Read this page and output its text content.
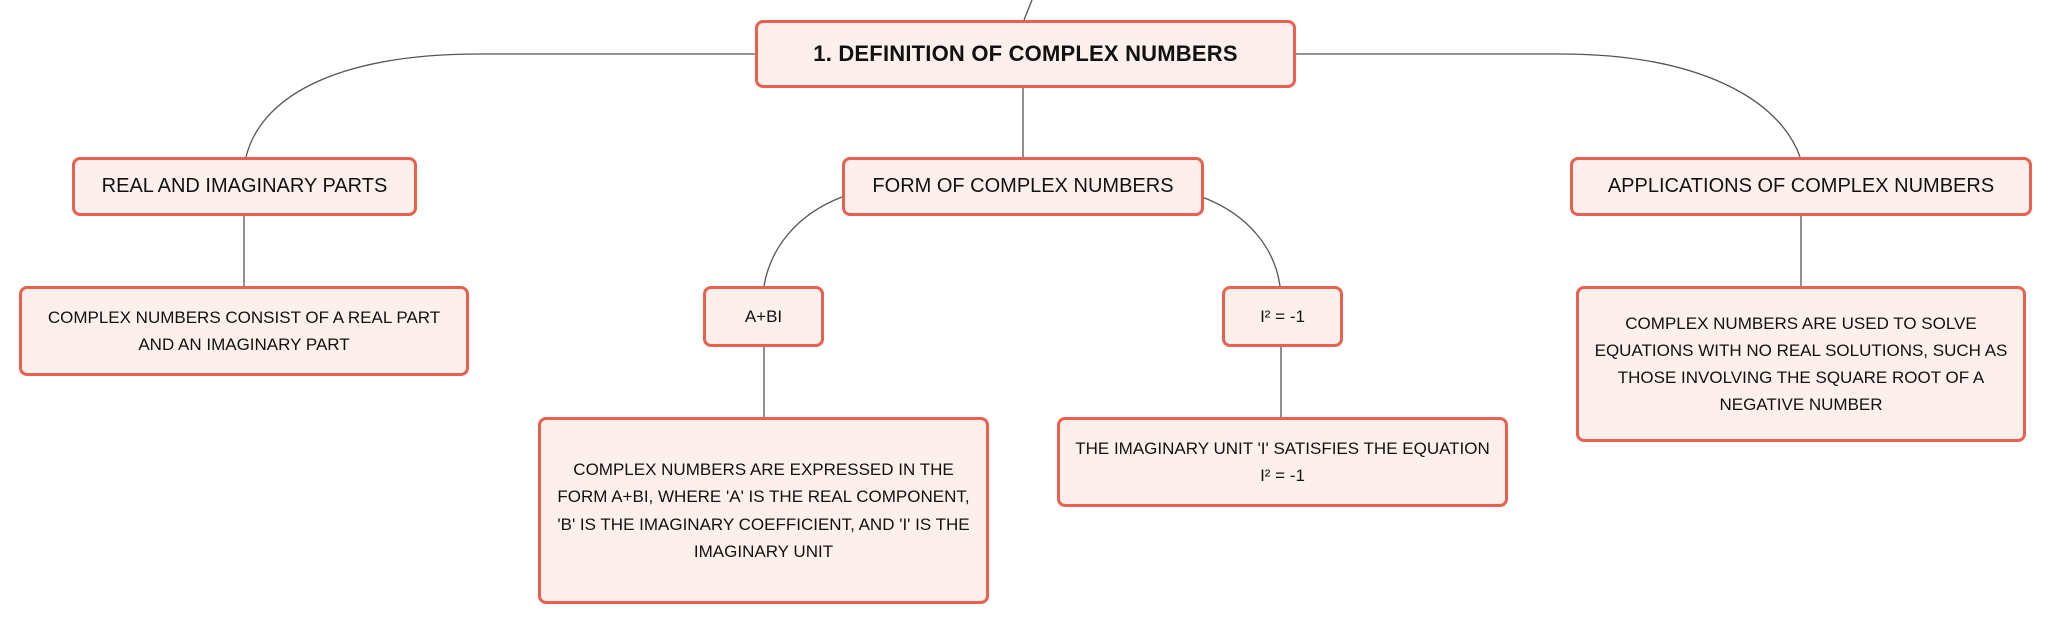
1. DEFINITION OF COMPLEX NUMBERS
REAL AND IMAGINARY PARTS	FORM OF COMPLEX NUMBERS	APPLICATIONS OF COMPLEX NUMBERS
COMPLEX NUMBERS CONSIST OF A REAL PART AND AN IMAGINARY PART
A+BI	I² = -1	COMPLEX NUMBERS ARE USED TO SOLVE EQUATIONS WITH NO REAL SOLUTIONS, SUCH AS THOSE INVOLVING THE SQUARE ROOT OF A NEGATIVE NUMBER
COMPLEX NUMBERS ARE EXPRESSED IN THE FORM A+BI, WHERE 'A' IS THE REAL COMPONENT, 'B' IS THE IMAGINARY COEFFICIENT, AND 'I' IS THE IMAGINARY UNIT
THE IMAGINARY UNIT 'I' SATISFIES THE EQUATION I² = -1
